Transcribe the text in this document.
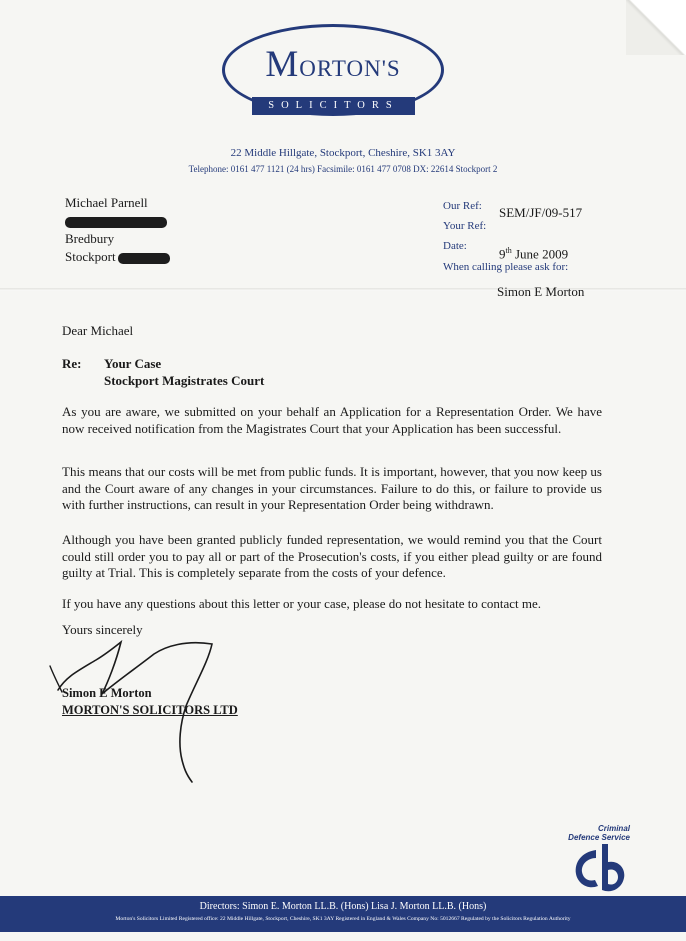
MORTON'S
SOLICITORS
22 Middle Hillgate, Stockport, Cheshire, SK1 3AY
Telephone: 0161 477 1121 (24 hrs) Facsimile: 0161 477 0708 DX: 22614 Stockport 2
Michael Parnell
Bredbury
Stockport
Our Ref: SEM/JF/09-517
Your Ref:
Date:
9th June 2009
When calling please ask for:
Simon E Morton
Dear Michael
Re:	Your Case
Stockport Magistrates Court
As you are aware, we submitted on your behalf an Application for a Representation Order. We have now received notification from the Magistrates Court that your Application has been successful.
This means that our costs will be met from public funds. It is important, however, that you now keep us and the Court aware of any changes in your circumstances. Failure to do this, or failure to provide us with further instructions, can result in your Representation Order being withdrawn.
Although you have been granted publicly funded representation, we would remind you that the Court could still order you to pay all or part of the Prosecution's costs, if you either plead guilty or are found guilty at Trial. This is completely separate from the costs of your defence.
If you have any questions about this letter or your case, please do not hesitate to contact me.
Yours sincerely
Simon E Morton
MORTON'S SOLICITORS LTD
Criminal
Defence Service
Directors: Simon E. Morton LL.B. (Hons) Lisa J. Morton LL.B. (Hons)
Morton's Solicitors Limited Registered office: 22 Middle Hillgate, Stockport, Cheshire, SK1 3AY Registered in England & Wales Company No: 5012667 Regulated by the Solicitors Regulation Authority
